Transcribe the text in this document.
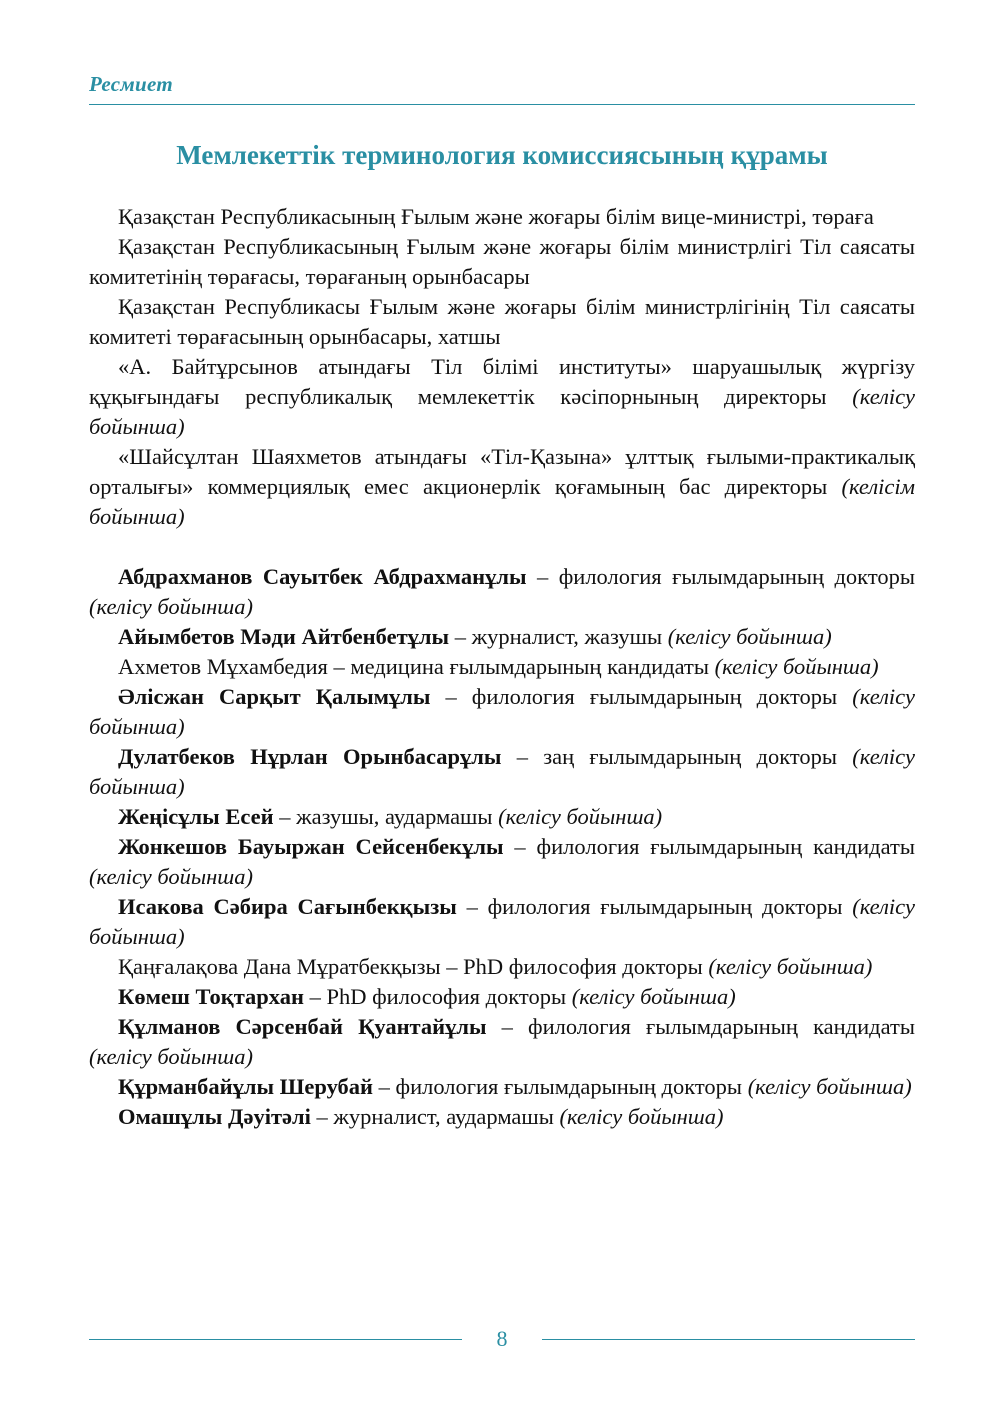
Ресмиет
Мемлекеттік терминология комиссиясының құрамы

Қазақстан Республикасының Ғылым және жоғары білім вице-министрі, төраға

Қазақстан Республикасының Ғылым және жоғары білім министрлігі Тіл саясаты комитетінің төрағасы, төрағаның орынбасары

Қазақстан Республикасы Ғылым және жоғары білім министрлігінің Тіл саясаты комитеті төрағасының орынбасары, хатшы

«А. Байтұрсынов атындағы Тіл білімі институты» шаруашылық жүргізу құқығындағы республикалық мемлекеттік кәсіпорнының директоры (келісу бойынша)

«Шайсұлтан Шаяхметов атындағы «Тіл-Қазына» ұлттық ғылыми-практикалық орталығы» коммерциялық емес акционерлік қоғамының бас директоры (келісім бойынша)

Абдрахманов Сауытбек Абдрахманұлы – филология ғылымдарының докторы (келісу бойынша)

Айымбетов Мәди Айтбенбетұлы – журналист, жазушы (келісу бойынша)

Ахметов Мұхамбедия – медицина ғылымдарының кандидаты (келісу бойынша)

Әлісжан Сарқыт Қалымұлы – филология ғылымдарының докторы (келісу бойынша)

Дулатбеков Нұрлан Орынбасарұлы – заң ғылымдарының докторы (келісу бойынша)

Жеңісұлы Есей – жазушы, аудармашы (келісу бойынша)

Жонкешов Бауыржан Сейсенбекұлы – филология ғылымдарының кандидаты (келісу бойынша)

Исакова Сәбира Сағынбекқызы – филология ғылымдарының докторы (келісу бойынша)

Қаңғалақова Дана Мұратбекқызы – PhD философия докторы (келісу бойынша)

Көмеш Тоқтархан – PhD философия докторы (келісу бойынша)

Құлманов Сәрсенбай Қуантайұлы – филология ғылымдарының кандидаты (келісу бойынша)

Құрманбайұлы Шерубай – филология ғылымдарының докторы (келісу бойынша)

Омашұлы Дәуітәлі – журналист, аудармашы (келісу бойынша)

8
